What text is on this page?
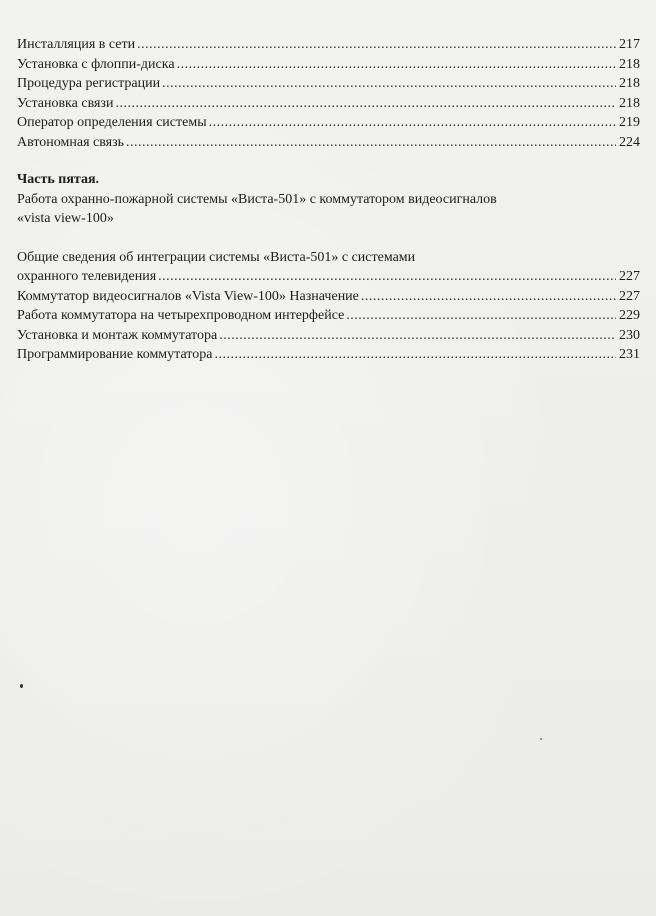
Инсталляция в сети .....	217
Установка с флоппи-диска .....	218
Процедура регистрации .....	218
Установка связи .....	218
Оператор определения системы .....	219
Автономная связь .....	224
Часть пятая.
Работа охранно-пожарной системы «Виста-501» с коммутатором видеосигналов
«vista view-100»
Общие сведения об интеграции системы «Виста-501» с системами
охранного телевидения .....	227
Коммутатор видеосигналов «Vista View-100» Назначение .....	227
Работа коммутатора на четырехпроводном интерфейсе .....	229
Установка и монтаж коммутатора .....	230
Программирование коммутатора .....	231
